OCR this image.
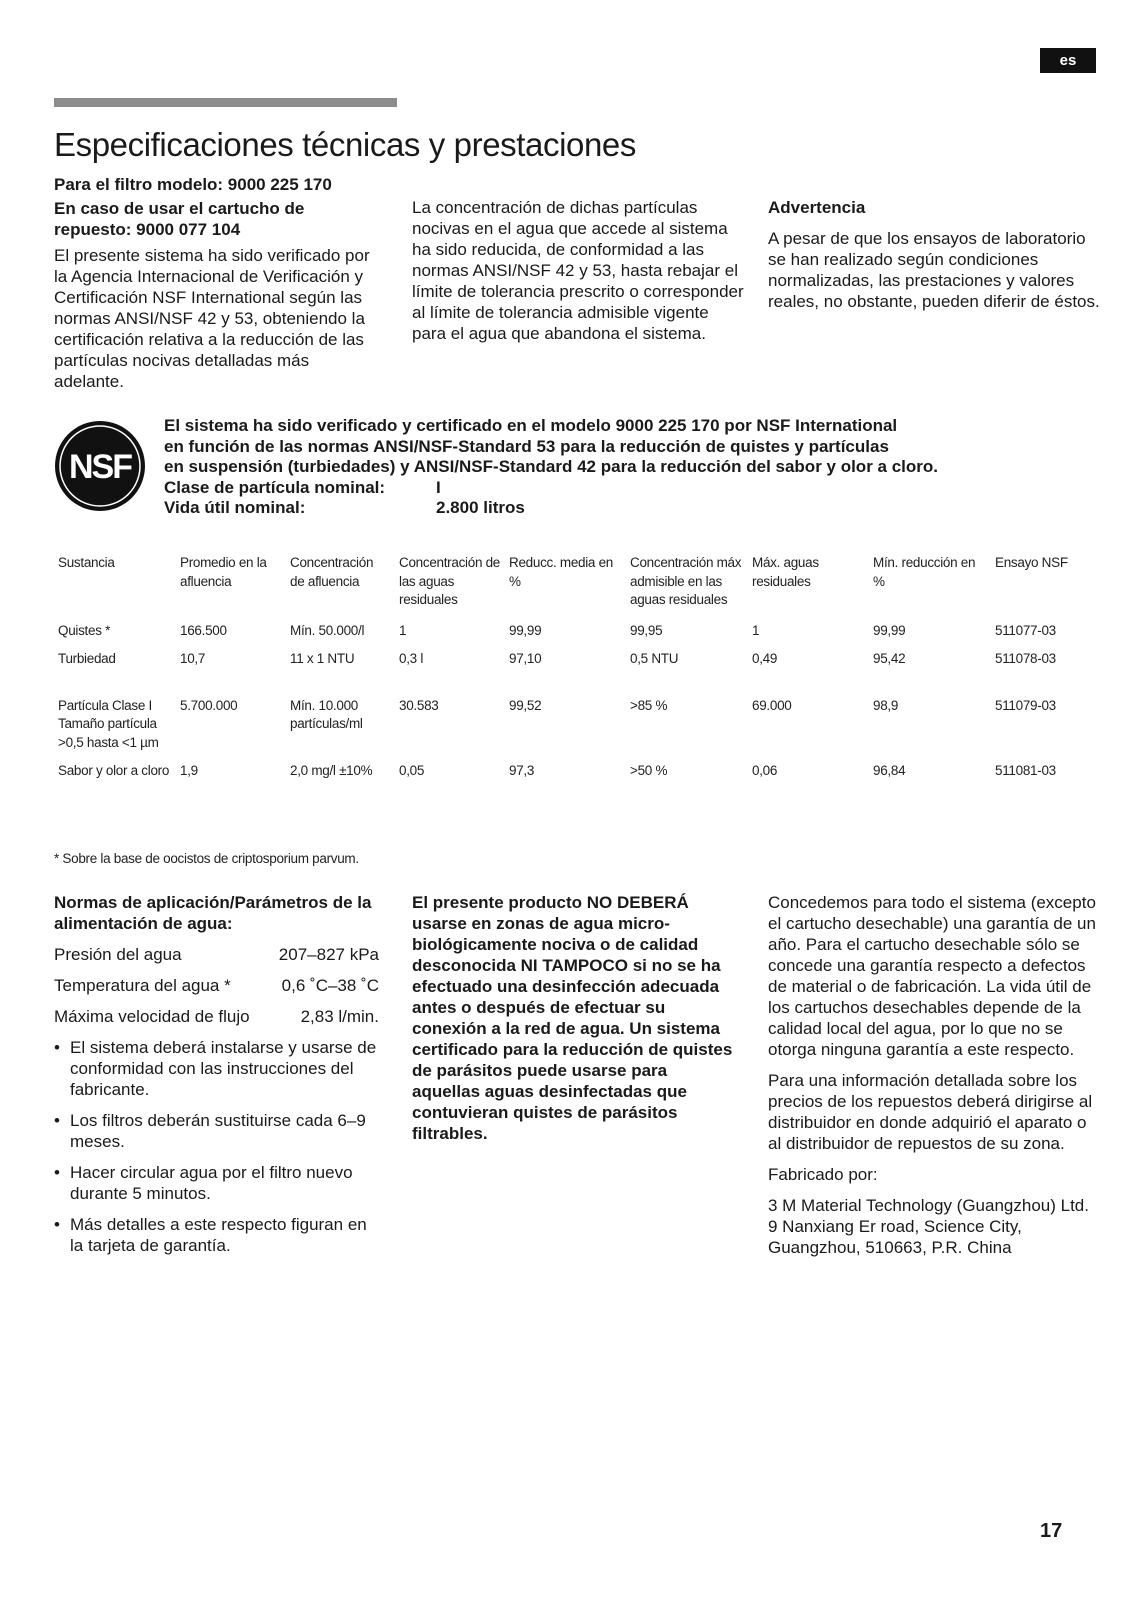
es
Especificaciones técnicas y prestaciones

Para el filtro modelo: 9000 225 170

En caso de usar el cartucho de repuesto: 9000 077 104

El presente sistema ha sido verificado por la Agencia Internacional de Verificación y Certificación NSF International según las normas ANSI/NSF 42 y 53, obteniendo la certificación relativa a la reducción de las partículas nocivas detalladas más adelante.

La concentración de dichas partículas nocivas en el agua que accede al sistema ha sido reducida, de conformidad a las normas ANSI/NSF 42 y 53, hasta rebajar el límite de tolerancia prescrito o corresponder al límite de tolerancia admisible vigente para el agua que abandona el sistema.

Advertencia

A pesar de que los ensayos de laboratorio se han realizado según condiciones normalizadas, las prestaciones y valores reales, no obstante, pueden diferir de éstos.

NSF
El sistema ha sido verificado y certificado en el modelo 9000 225 170 por NSF International
en función de las normas ANSI/NSF-Standard 53 para la reducción de quistes y partículas
en suspensión (turbiedades) y ANSI/NSF-Standard 42 para la reducción del sabor y olor a cloro.
Clase de partícula nominal:	I
Vida útil nominal:	2.800 litros
Sustancia	Promedio en la afluencia	Concentración de afluencia	Concentración de las aguas residuales	Reducc. media en %	Concentración máx admisible en las aguas residuales	Máx. aguas residuales	Mín. reducción en %	Ensayo NSF
Quistes *	166.500	Mín. 50.000/l	1	99,99	99,95	1	99,99	511077-03
Turbiedad	10,7	11 x 1 NTU	0,3 l	97,10	0,5 NTU	0,49	95,42	511078-03
Partícula Clase I Tamaño partícula >0,5 hasta <1 µm	5.700.000	Mín. 10.000 partículas/ml	30.583	99,52	>85 %	69.000	98,9	511079-03
Sabor y olor a cloro	1,9	2,0 mg/l ±10%	0,05	97,3	>50 %	0,06	96,84	511081-03

* Sobre la base de oocistos de criptosporium parvum.

Normas de aplicación/Parámetros de la alimentación de agua:

Presión del agua	207–827 kPa
Temperatura del agua *	0,6 ˚C–38 ˚C
Máxima velocidad de flujo	2,83 l/min.
• El sistema deberá instalarse y usarse de conformidad con las instrucciones del fabricante.
• Los filtros deberán sustituirse cada 6–9 meses.
• Hacer circular agua por el filtro nuevo durante 5 minutos.
• Más detalles a este respecto figuran en la tarjeta de garantía.

El presente producto NO DEBERÁ usarse en zonas de agua micro-biológicamente nociva o de calidad desconocida NI TAMPOCO si no se ha efectuado una desinfección adecuada antes o después de efectuar su conexión a la red de agua. Un sistema certificado para la reducción de quistes de parásitos puede usarse para aquellas aguas desinfectadas que contuvieran quistes de parásitos filtrables.

Concedemos para todo el sistema (excepto el cartucho desechable) una garantía de un año. Para el cartucho desechable sólo se concede una garantía respecto a defectos de material o de fabricación. La vida útil de los cartuchos desechables depende de la calidad local del agua, por lo que no se otorga ninguna garantía a este respecto.

Para una información detallada sobre los precios de los repuestos deberá dirigirse al distribuidor en donde adquirió el aparato o al distribuidor de repuestos de su zona.

Fabricado por:

3 M Material Technology (Guangzhou) Ltd.

9 Nanxiang Er road, Science City,

Guangzhou, 510663, P.R. China

17
